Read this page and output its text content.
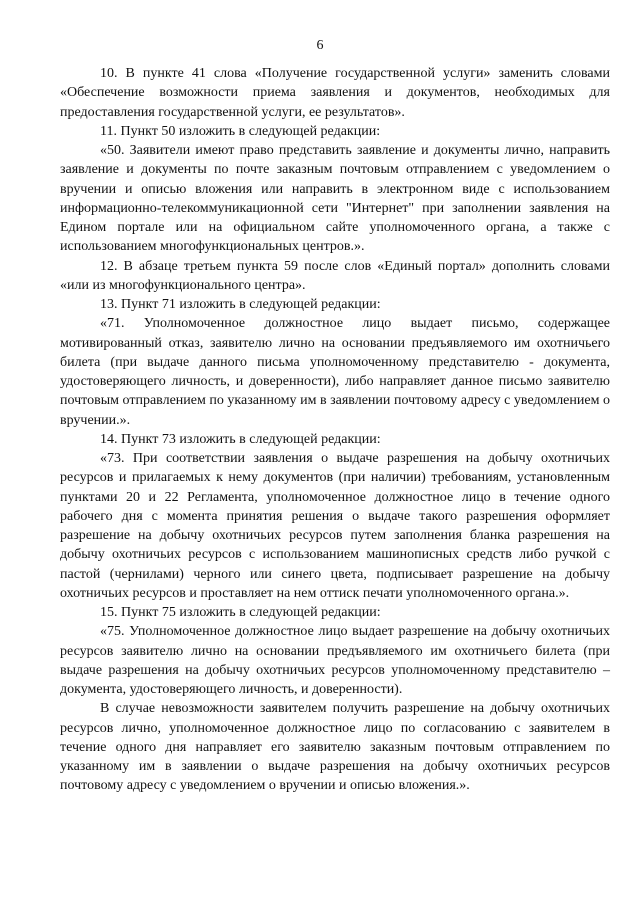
6

10. В пункте 41 слова «Получение государственной услуги» заменить словами «Обеспечение возможности приема заявления и документов, необходимых для предоставления государственной услуги, ее результатов».

11. Пункт 50 изложить в следующей редакции:

«50. Заявители имеют право представить заявление и документы лично, направить заявление и документы по почте заказным почтовым отправлением с уведомлением о вручении и описью вложения или направить в электронном виде с использованием информационно-телекоммуникационной сети "Интернет" при заполнении заявления на Едином портале или на официальном сайте уполномоченного органа, а также с использованием многофункциональных центров.».

12. В абзаце третьем пункта 59 после слов «Единый портал» дополнить словами «или из многофункционального центра».

13. Пункт 71 изложить в следующей редакции:

«71. Уполномоченное должностное лицо выдает письмо, содержащее мотивированный отказ, заявителю лично на основании предъявляемого им охотничьего билета (при выдаче данного письма уполномоченному представителю - документа, удостоверяющего личность, и доверенности), либо направляет данное письмо заявителю почтовым отправлением по указанному им в заявлении почтовому адресу с уведомлением о вручении.».

14. Пункт 73 изложить в следующей редакции:

«73. При соответствии заявления о выдаче разрешения на добычу охотничьих ресурсов и прилагаемых к нему документов (при наличии) требованиям, установленным пунктами 20 и 22 Регламента, уполномоченное должностное лицо в течение одного рабочего дня с момента принятия решения о выдаче такого разрешения оформляет разрешение на добычу охотничьих ресурсов путем заполнения бланка разрешения на добычу охотничьих ресурсов с использованием машинописных средств либо ручкой с пастой (чернилами) черного или синего цвета, подписывает разрешение на добычу охотничьих ресурсов и проставляет на нем оттиск печати уполномоченного органа.».

15. Пункт 75 изложить в следующей редакции:

«75. Уполномоченное должностное лицо выдает разрешение на добычу охотничьих ресурсов заявителю лично на основании предъявляемого им охотничьего билета (при выдаче разрешения на добычу охотничьих ресурсов уполномоченному представителю – документа, удостоверяющего личность, и доверенности).

В случае невозможности заявителем получить разрешение на добычу охотничьих ресурсов лично, уполномоченное должностное лицо по согласованию с заявителем в течение одного дня направляет его заявителю заказным почтовым отправлением по указанному им в заявлении о выдаче разрешения на добычу охотничьих ресурсов почтовому адресу с уведомлением о вручении и описью вложения.».
